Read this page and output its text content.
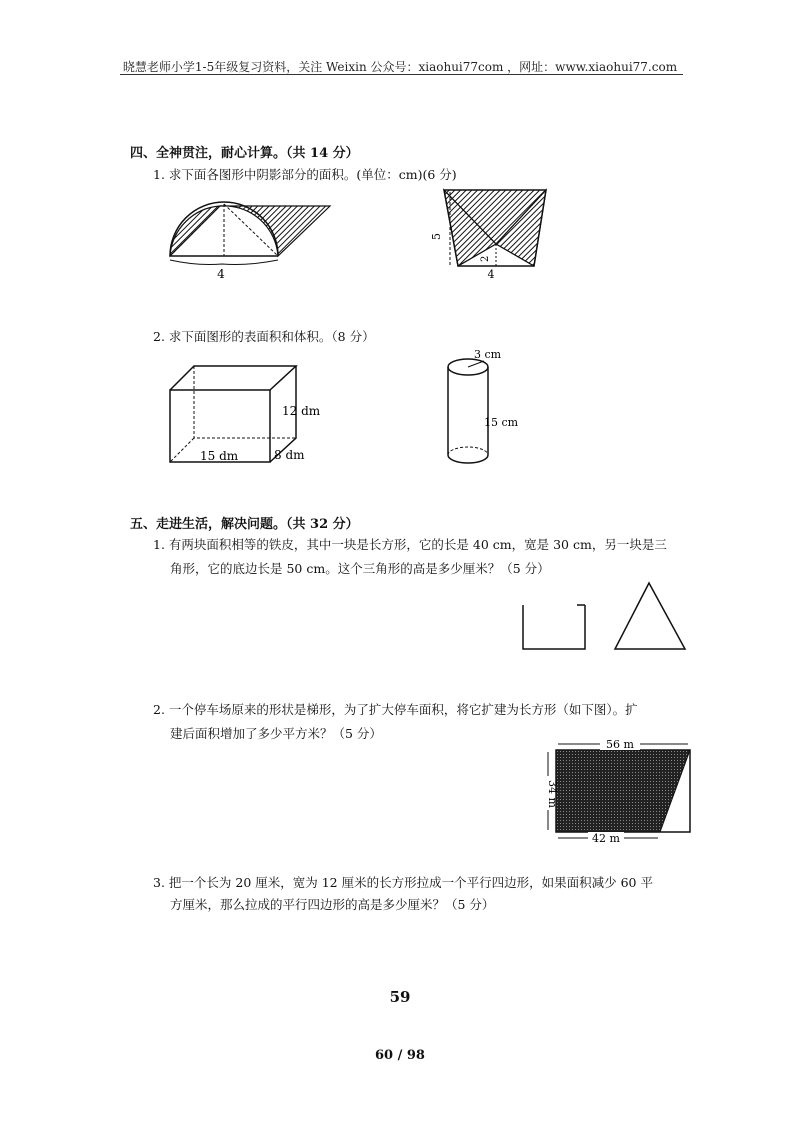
晓慧老师小学1-5年级复习资料，关注 Weixin 公众号：xiaohui77com ，网址：www.xiaohui77.com
四、全神贯注，耐心计算。（共 14 分）
1. 求下面各图形中阴影部分的面积。(单位：cm)(6 分)
4
5
2
4
2. 求下面图形的表面积和体积。（8 分）
12 dm
15 dm	8 dm
3 cm
15 cm
五、走进生活，解决问题。（共 32 分）
1. 有两块面积相等的铁皮，其中一块是长方形，它的长是 40 cm，宽是 30 cm，另一块是三
角形，它的底边长是 50 cm。这个三角形的高是多少厘米？（5 分）
2. 一个停车场原来的形状是梯形，为了扩大停车面积，将它扩建为长方形（如下图）。扩
建后面积增加了多少平方米？（5 分）
56 m
34 m
42 m
3. 把一个长为 20 厘米，宽为 12 厘米的长方形拉成一个平行四边形，如果面积减少 60 平
方厘米，那么拉成的平行四边形的高是多少厘米？（5 分）
59
60 / 98
